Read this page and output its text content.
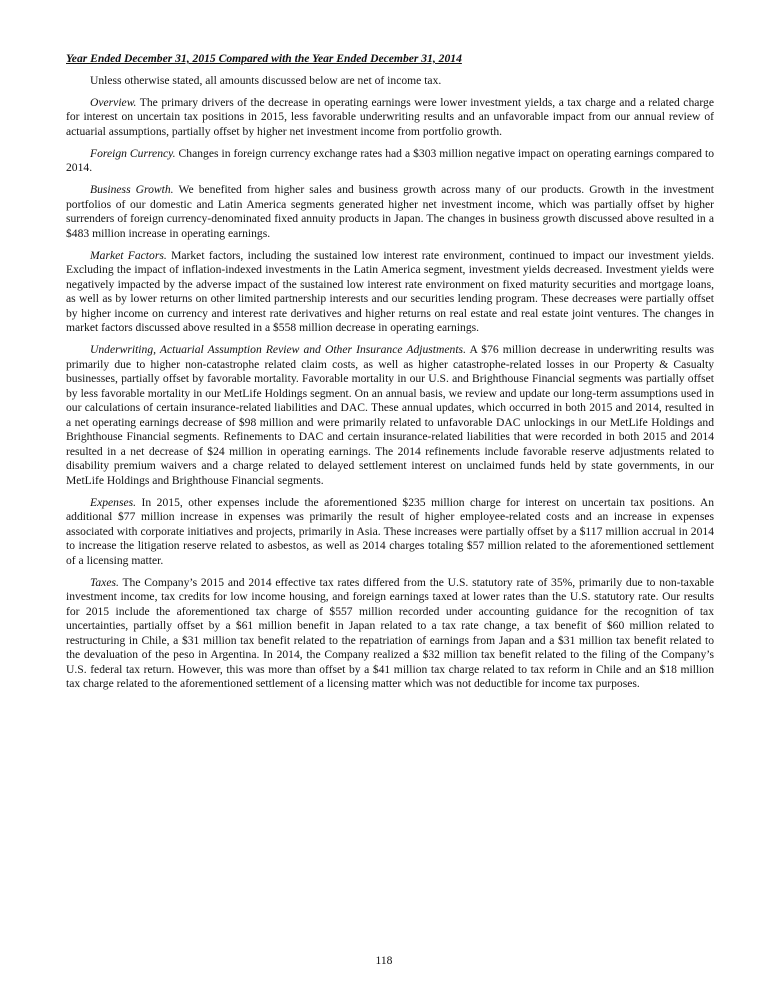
Year Ended December 31, 2015 Compared with the Year Ended December 31, 2014

Unless otherwise stated, all amounts discussed below are net of income tax.

Overview. The primary drivers of the decrease in operating earnings were lower investment yields, a tax charge and a related charge for interest on uncertain tax positions in 2015, less favorable underwriting results and an unfavorable impact from our annual review of actuarial assumptions, partially offset by higher net investment income from portfolio growth.

Foreign Currency. Changes in foreign currency exchange rates had a $303 million negative impact on operating earnings compared to 2014.

Business Growth. We benefited from higher sales and business growth across many of our products. Growth in the investment portfolios of our domestic and Latin America segments generated higher net investment income, which was partially offset by higher surrenders of foreign currency-denominated fixed annuity products in Japan. The changes in business growth discussed above resulted in a $483 million increase in operating earnings.

Market Factors. Market factors, including the sustained low interest rate environment, continued to impact our investment yields. Excluding the impact of inflation-indexed investments in the Latin America segment, investment yields decreased. Investment yields were negatively impacted by the adverse impact of the sustained low interest rate environment on fixed maturity securities and mortgage loans, as well as by lower returns on other limited partnership interests and our securities lending program. These decreases were partially offset by higher income on currency and interest rate derivatives and higher returns on real estate and real estate joint ventures. The changes in market factors discussed above resulted in a $558 million decrease in operating earnings.

Underwriting, Actuarial Assumption Review and Other Insurance Adjustments. A $76 million decrease in underwriting results was primarily due to higher non-catastrophe related claim costs, as well as higher catastrophe-related losses in our Property & Casualty businesses, partially offset by favorable mortality. Favorable mortality in our U.S. and Brighthouse Financial segments was partially offset by less favorable mortality in our MetLife Holdings segment. On an annual basis, we review and update our long-term assumptions used in our calculations of certain insurance-related liabilities and DAC. These annual updates, which occurred in both 2015 and 2014, resulted in a net operating earnings decrease of $98 million and were primarily related to unfavorable DAC unlockings in our MetLife Holdings and Brighthouse Financial segments. Refinements to DAC and certain insurance-related liabilities that were recorded in both 2015 and 2014 resulted in a net decrease of $24 million in operating earnings. The 2014 refinements include favorable reserve adjustments related to disability premium waivers and a charge related to delayed settlement interest on unclaimed funds held by state governments, in our MetLife Holdings and Brighthouse Financial segments.

Expenses. In 2015, other expenses include the aforementioned $235 million charge for interest on uncertain tax positions. An additional $77 million increase in expenses was primarily the result of higher employee-related costs and an increase in expenses associated with corporate initiatives and projects, primarily in Asia. These increases were partially offset by a $117 million accrual in 2014 to increase the litigation reserve related to asbestos, as well as 2014 charges totaling $57 million related to the aforementioned settlement of a licensing matter.

Taxes. The Company’s 2015 and 2014 effective tax rates differed from the U.S. statutory rate of 35%, primarily due to non-taxable investment income, tax credits for low income housing, and foreign earnings taxed at lower rates than the U.S. statutory rate. Our results for 2015 include the aforementioned tax charge of $557 million recorded under accounting guidance for the recognition of tax uncertainties, partially offset by a $61 million benefit in Japan related to a tax rate change, a tax benefit of $60 million related to restructuring in Chile, a $31 million tax benefit related to the repatriation of earnings from Japan and a $31 million tax benefit related to the devaluation of the peso in Argentina. In 2014, the Company realized a $32 million tax benefit related to the filing of the Company’s U.S. federal tax return. However, this was more than offset by a $41 million tax charge related to tax reform in Chile and an $18 million tax charge related to the aforementioned settlement of a licensing matter which was not deductible for income tax purposes.

118
